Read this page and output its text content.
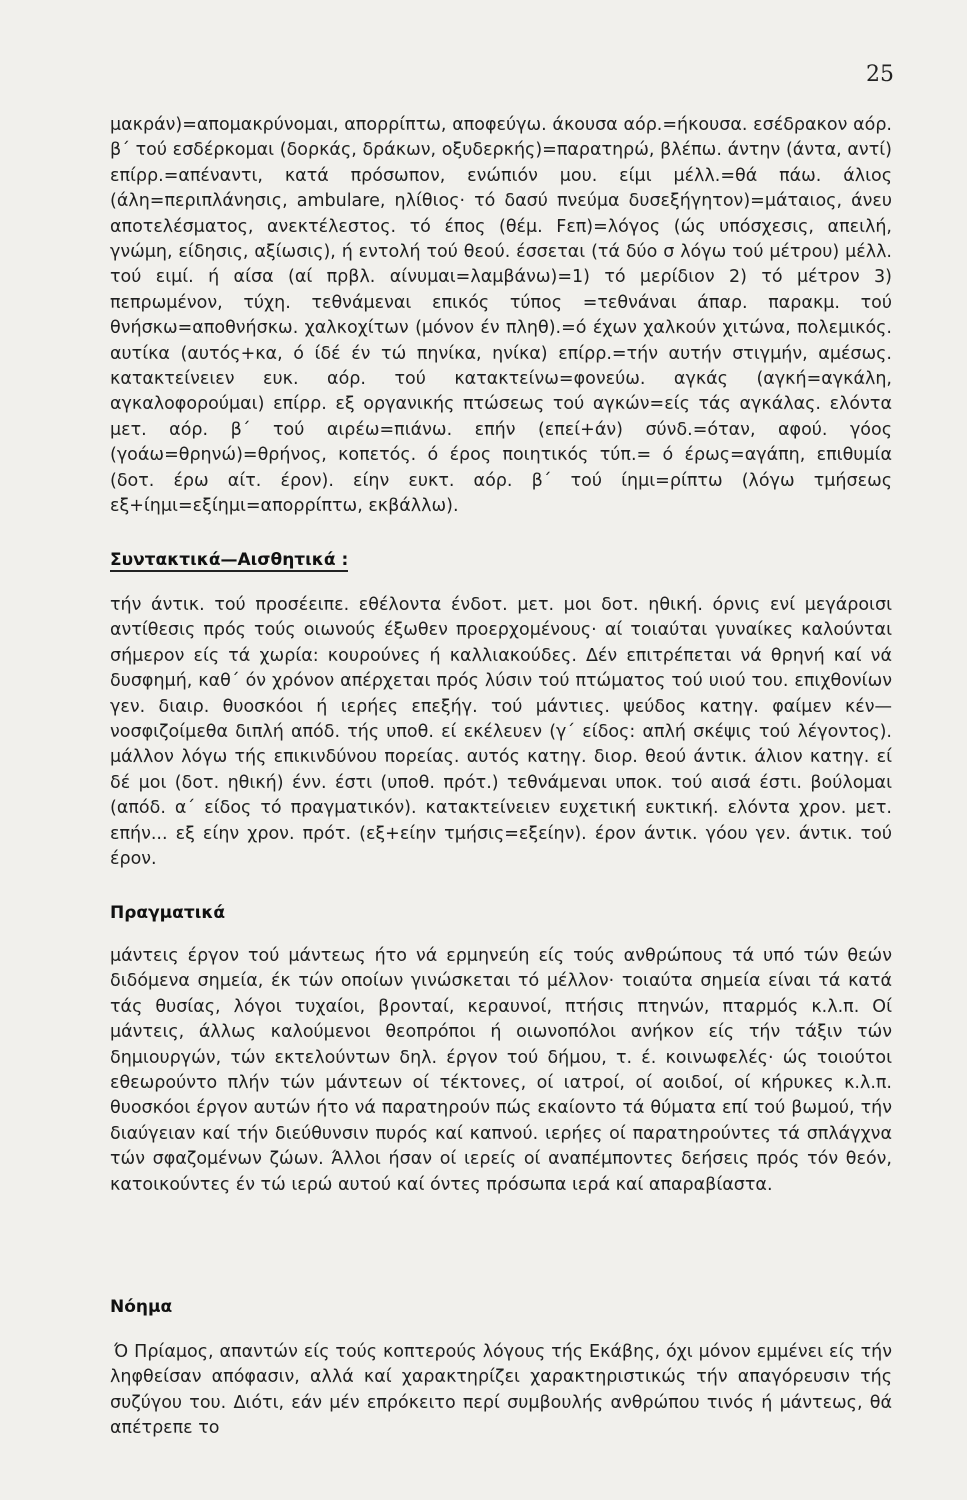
25

μακράν)=απομακρύνομαι, απορρίπτω, αποφεύγω. άκουσα αόρ.=ήκουσα. εσέδρακον αόρ. β΄ τού εσδέρκομαι (δορκάς, δράκων, οξυδερκής)=παρατηρώ, βλέπω. άντην (άντα, αντί) επίρρ.=απέναντι, κατά πρόσωπον, ενώπιόν μου. είμι μέλλ.=θά πάω. άλιος (άλη=περιπλάνησις, ambulare, ηλίθιος· τό δασύ πνεύμα δυσεξήγητον)=μάταιος, άνευ αποτελέσματος, ανεκτέλεστος. τό έπος (θέμ. Fεπ)=λόγος (ώς υπόσχεσις, απειλή, γνώμη, είδησις, αξίωσις), ή εντολή τού θεού. έσσεται (τά δύο σ λόγω τού μέτρου) μέλλ. τού ειμί. ή αίσα (αί πρβλ. αίνυμαι=λαμβάνω)=1) τό μερίδιον 2) τό μέτρον 3) πεπρωμένον, τύχη. τεθνάμεναι επικός τύπος =τεθνάναι άπαρ. παρακμ. τού θνήσκω=αποθνήσκω. χαλκοχίτων (μόνον έν πληθ).=ό έχων χαλκούν χιτώνα, πολεμικός. αυτίκα (αυτός+κα, ό ίδέ έν τώ πηνίκα, ηνίκα) επίρρ.=τήν αυτήν στιγμήν, αμέσως. κατακτείνειεν ευκ. αόρ. τού κατακτείνω=φονεύω. αγκάς (αγκή=αγκάλη, αγκαλοφορούμαι) επίρρ. εξ οργανικής πτώσεως τού αγκών=είς τάς αγκάλας. ελόντα μετ. αόρ. β΄ τού αιρέω=πιάνω. επήν (επεί+άν) σύνδ.=όταν, αφού. γόος (γοάω=θρηνώ)=θρήνος, κοπετός. ό έρος ποιητικός τύπ.= ό έρως=αγάπη, επιθυμία (δοτ. έρω αίτ. έρον). είην ευκτ. αόρ. β΄ τού ίημι=ρίπτω (λόγω τμήσεως εξ+ίημι=εξίημι=απορρίπτω, εκβάλλω).

Συντακτικά—Αισθητικά :

τήν άντικ. τού προσέειπε. εθέλοντα ένδοτ. μετ. μοι δοτ. ηθική. όρνις ενί μεγάροισι αντίθεσις πρός τούς οιωνούς έξωθεν προερχομένους· αί τοιαύται γυναίκες καλούνται σήμερον είς τά χωρία: κουρούνες ή καλλιακούδες. Δέν επιτρέπεται νά θρηνή καί νά δυσφημή, καθ΄ όν χρόνον απέρχεται πρός λύσιν τού πτώματος τού υιού του. επιχθονίων γεν. διαιρ. θυοσκόοι ή ιερήες επεξήγ. τού μάντιες. ψεύδος κατηγ. φαίμεν κέν—νοσφιζοίμεθα διπλή απόδ. τής υποθ. εί εκέλευεν (γ΄ είδος: απλή σκέψις τού λέγοντος). μάλλον λόγω τής επικινδύνου πορείας. αυτός κατηγ. διορ. θεού άντικ. άλιον κατηγ. εί δέ μοι (δοτ. ηθική) ένν. έστι (υποθ. πρότ.) τεθνάμεναι υποκ. τού αισά έστι. βούλομαι (απόδ. α΄ είδος τό πραγματικόν). κατακτείνειεν ευχετική ευκτική. ελόντα χρον. μετ. επήν... εξ είην χρον. πρότ. (εξ+είην τμήσις=εξείην). έρον άντικ. γόου γεν. άντικ. τού έρον.

Πραγματικά

μάντεις έργον τού μάντεως ήτο νά ερμηνεύη είς τούς ανθρώπους τά υπό τών θεών διδόμενα σημεία, έκ τών οποίων γινώσκεται τό μέλλον· τοιαύτα σημεία είναι τά κατά τάς θυσίας, λόγοι τυχαίοι, βρονταί, κεραυνοί, πτήσις πτηνών, πταρμός κ.λ.π. Οί μάντεις, άλλως καλούμενοι θεοπρόποι ή οιωνοπόλοι ανήκον είς τήν τάξιν τών δημιουργών, τών εκτελούντων δηλ. έργον τού δήμου, τ. έ. κοινωφελές· ώς τοιούτοι εθεωρούντο πλήν τών μάντεων οί τέκτονες, οί ιατροί, οί αοιδοί, οί κήρυκες κ.λ.π. θυοσκόοι έργον αυτών ήτο νά παρατηρούν πώς εκαίοντο τά θύματα επί τού βωμού, τήν διαύγειαν καί τήν διεύθυνσιν πυρός καί καπνού. ιερήες οί παρατηρούντες τά σπλάγχνα τών σφαζομένων ζώων. Άλλοι ήσαν οί ιερείς οί αναπέμποντες δεήσεις πρός τόν θεόν, κατοικούντες έν τώ ιερώ αυτού καί όντες πρόσωπα ιερά καί απαραβίαστα.

Νόημα

Ό Πρίαμος, απαντών είς τούς κοπτερούς λόγους τής Εκάβης, όχι μόνον εμμένει είς τήν ληφθείσαν απόφασιν, αλλά καί χαρακτηρίζει χαρακτηριστικώς τήν απαγόρευσιν τής συζύγου του. Διότι, εάν μέν επρόκειτο περί συμβουλής ανθρώπου τινός ή μάντεως, θά απέτρεπε το
